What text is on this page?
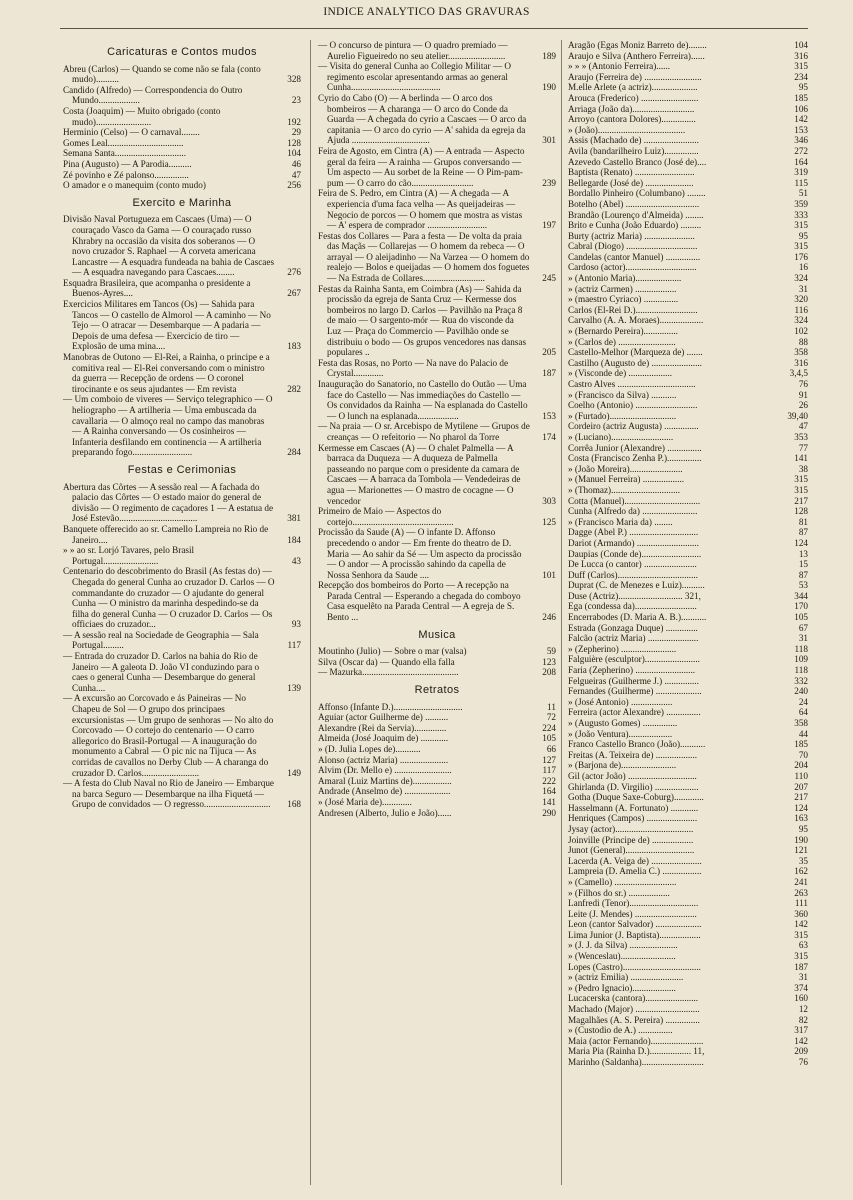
INDICE ANALYTICO DAS GRAVURAS
Caricaturas e Contos mudos
Abreu (Carlos) — Quando se come não se fala (conto mudo)..........	328
Candido (Alfredo) — Correspondencia do Outro Mundo..................	23
Costa (Joaquim) — Muito obrigado (conto mudo)........................	192
Herminio (Celso) — O carnaval........	29
Gomes Leal.................................	128
Semana Santa...............................	104
Pina (Augusto) — A Parodia..........	46
Zé povinho e Zé palonso...............	47
O amador e o manequim (conto mudo)	256
Exercito e Marinha
Divisão Naval Portugueza em Cascaes (Uma) — O couraçado Vasco da Gama — O couraçado russo Khrabry na occasião da visita dos soberanos — O novo cruzador S. Raphael — A corveta americana Lancastre — A esquadra fundeada na bahia de Cascaes — A esquadra navegando para Cascaes........	276
Esquadra Brasileira, que acompanha o presidente a Buenos-Ayres....	267
Exercicios Militares em Tancos (Os) — Sahida para Tancos — O castello de Almorol — A caminho — No Tejo — O atracar — Desembarque — A padaria — Depois de uma defesa — Exercicio de tiro — Explosão de uma mina....	183
Manobras de Outono — El-Rei, a Rainha, o principe e a comitiva real — El-Rei conversando com o ministro da guerra — Recepção de ordens — O coronel tirocinante e os seus ajudantes — Em revista	282
— Um comboio de viveres — Serviço telegraphico — O heliographo — A artilheria — Uma embuscada da cavallaria — O almoço real no campo das manobras — A Rainha conversando — Os cosinheiros — Infanteria desfilando em continencia — A artilheria preparando fogo..........................	284
Festas e Cerimonias
Abertura das Côrtes — A sessão real — A fachada do palacio das Côrtes — O estado maior do general de divisão — O regimento de caçadores 1 — A estatua de José Estevão..................................	381
Banquete offerecido ao sr. Camello Lampreia no Rio de Janeiro....	184
» » ao sr. Lorjó Tavares, pelo Brasil Portugal........................	43
Centenario do descobrimento do Brasil (As festas do) — Chegada do general Cunha ao cruzador D. Carlos — O commandante do cruzador — O ajudante do general Cunha — O ministro da marinha despedindo-se da filha do general Cunha — O cruzador D. Carlos — Os officiaes do cruzador...	93
— A sessão real na Sociedade de Geographia — Sala Portugal.........	117
— Entrada do cruzador D. Carlos na bahia do Rio de Janeiro — A galeota D. João VI conduzindo para o caes o general Cunha — Desembarque do general Cunha....	139
— A excursão ao Corcovado e ás Paineiras — No Chapeu de Sol — O grupo dos principaes excursionistas — Um grupo de senhoras — No alto do Corcovado — O cortejo do centenario — O carro allegorico do Brasil-Portugal — A inauguração do monumento a Cabral — O pic nic na Tijuca — As corridas de cavallos no Derby Club — A charanga do cruzador D. Carlos.........................	149
— A festa do Club Naval no Rio de Janeiro — Embarque na barca Seguro — Desembarque na ilha Fiquetá — Grupo de convidados — O regresso.............................	168
— O concurso de pintura — O quadro premiado — Aurelio Figueiredo no seu atelier.........................	189
— Visita do general Cunha ao Collegio Militar — O regimento escolar apresentando armas ao general Cunha.......................................	190
Cyrio do Cabo (O) — A berlinda — O arco dos bombeiros — A charanga — O arco do Conde da Guarda — A chegada do cyrio a Cascaes — O arco da capitania — O arco do cyrio — A' sahida da egreja da Ajuda ..................................	301
Feira de Agosto, em Cintra (A) — A entrada — Aspecto geral da feira — A rainha — Grupos conversando — Um aspecto — Au sorbet de la Reine — O Pim-pam-pum — O carro do cão...........................	239
Feira de S. Pedro, em Cintra (A) — A chegada — A experiencia d'uma faca velha — As queijadeiras — Negocio de porcos — O homem que mostra as vistas — A' espera de comprador ..........................	197
Festas dos Collares — Para a festa — De volta da praia das Maçãs — Collarejas — O homem da rebeca — O arrayal — O aleijadinho — Na Varzea — O homem do realejo — Bolos e queijadas — O homem dos foguetes — Na Estrada de Collares...........................	245
Festas da Rainha Santa, em Coimbra (As) — Sahida da procissão da egreja de Santa Cruz — Kermesse dos bombeiros no largo D. Carlos — Pavilhão na Praça 8 de maio — O sargento-mór — Rua do visconde da Luz — Praça do Commercio — Pavilhão onde se distribuiu o bodo — Os grupos vencedores nas dansas populares ..	205
Festa das Rosas, no Porto — Na nave do Palacio de Crystal.............	187
Inauguração do Sanatorio, no Castello do Outão — Uma face do Castello — Nas immediações do Castello — Os convidados da Rainha — Na esplanada do Castello — O lunch na esplanada..................	153
— Na praia — O sr. Arcebispo de Mytilene — Grupos de creanças — O refeitorio — No pharol da Torre	174
Kermesse em Cascaes (A) — O chalet Palmella — A barraca da Duqueza — A duqueza de Palmella passeando no parque com o presidente da camara de Cascaes — A barraca da Tombola — Vendedeiras de agua — Marionettes — O mastro de cocagne — O vencedor	303
Primeiro de Maio — Aspectos do cortejo............................................	125
Procissão da Saude (A) — O infante D. Affonso precedendo o andor — Em frente do theatro de D. Maria — Ao sahir da Sé — Um aspecto da procissão — O andor — A procissão sahindo da capella de Nossa Senhora da Saude ....	101
Recepção dos bombeiros do Porto — A recepção na Parada Central — Esperando a chegada do comboyo Casa esquelêto na Parada Central — A egreja de S. Bento ...	246
Musica
Moutinho (Julio) — Sobre o mar (valsa)	59
Silva (Oscar da) — Quando ella falla	123
— Mazurka..........................................	208
Retratos
Affonso (Infante D.)..............................	11
Aguiar (actor Guilherme de) ..........	72
Alexandre (Rei da Servia)..............	224
Almeida (José Joaquim de) ............	105
» (D. Julia Lopes de)...........	66
Alonso (actriz Maria) .....................	127
Alvim (Dr. Mello e) .........................	117
Amaral (Luiz Martins de).................	222
Andrade (Anselmo de) ....................	164
» (José Maria de).............	141
Andresen (Alberto, Julio e João)......	290
Aragão (Egas Moniz Barreto de)........	104
Araujo e Silva (Anthero Ferreira)......	316
» » » (Antonio Ferreira)......	315
Araujo (Ferreira de) .........................	234
M.elle Arlete (a actriz)....................	95
Arouca (Frederico) .........................	185
Arriaga (João da)...........................	106
Arroyo (cantora Dolores)...............	142
» (João)......................................	153
Assis (Machado de) ........................	346
Avila (bandarilheiro Luiz)...............	272
Azevedo Castello Branco (José de)....	164
Baptista (Renato) ..........................	319
Bellegarde (José de) .....................	115
Bordallo Pinheiro (Columbano) ........	51
Botelho (Abel) ................................	359
Brandão (Lourenço d'Almeida) ........	333
Brito e Cunha (João Eduardo) .........	315
Burty (actriz Maria) ......................	95
Cabral (Diogo) ...............................	315
Candelas (cantor Manuel) ...............	176
Cardoso (actor)...............................	16
» (Antonio Maria)....................	324
» (actriz Carmen) ..................	31
» (maestro Cyriaco) ...............	320
Carlos (El-Rei D.)...........................	116
Carvalho (A. A. Moraes)...................	324
» (Bernardo Pereira)...............	102
» (Carlos de) .........................	88
Castello-Melhor (Marqueza de) .......	358
Castilho (Augusto de) ......................	316
» (Visconde de) ...................	3,4,5
Castro Alves ..................................	76
» (Francisco da Silva) ...........	91
Coelho (Antonio) ...........................	26
» (Furtado).............................	39,40
Cordeiro (actriz Augusta) ...............	47
» (Luciano)...........................	353
Corrêa Junior (Alexandre) ...............	77
Costa (Francisco Zenha P.)...............	141
» (João Moreira).......................	38
» (Manuel Ferreira) ..................	315
» (Thomaz)..............................	315
Cotta (Manuel).................................	217
Cunha (Alfredo da) ........................	128
» (Francisco Maria da) ........	81
Dagge (Abel P.) ..............................	87
Dariot (Armando) ...........................	124
Daupias (Conde de)..........................	13
De Lucca (o cantor) .......................	15
Duff (Carlos)...................................	87
Duprat (C. de Menezes e Luiz)..........	53
Duse (Actriz)............................ 321,	344
Ega (condessa da)...........................	170
Encerrabodes (D. Maria A. B.)...........	105
Estrada (Gonzaga Duque) ..............	67
Falcão (actriz Maria) ......................	31
» (Zepherino) ........................	118
Falguière (esculptor)........................	109
Faria (Zepherino) ..........................	118
Felgueiras (Guilherme J.) ...............	332
Fernandes (Guilherme) ....................	240
» (José Antonio) ..................	24
Ferreira (actor Alexandre) ...............	64
» (Augusto Gomes) ...............	358
» (João Ventura)...................	44
Franco Castello Branco (João)...........	185
Freitas (A. Teixeira de) ..................	70
» (Barjona de)........................	204
Gil (actor João) ..............................	110
Ghirlanda (D. Virgilio) ...................	207
Gotha (Duque Saxe-Coburg).............	217
Hasselmann (A. Fortunato) ............	124
Henriques (Campos) ......................	163
Jysay (actor)..................................	95
Joinville (Principe de) ..................	190
Junot (General)..............................	121
Lacerda (A. Veiga de) ......................	35
Lampreia (D. Amelia C.) .................	162
» (Camello) ...........................	241
» (Filhos do sr.) ..................	263
Lanfredi (Tenor)..............................	111
Leite (J. Mendes) ...........................	360
Leon (cantor Salvador) ....................	142
Lima Junior (J. Baptista)..................	315
» (J. J. da Silva) .....................	63
» (Wenceslau)........................	315
Lopes (Castro)..................................	187
» (actriz Emilia) .......................	31
» (Pedro Ignacio)...................	374
Lucacerska (cantora).......................	160
Machado (Major) ............................	12
Magalhães (A. S. Pereira) ...............	82
» (Custodio de A.) ...............	317
Maia (actor Fernando).......................	142
Maria Pia (Rainha D.).................. 11,	209
Marinho (Saldanha)...........................	76
